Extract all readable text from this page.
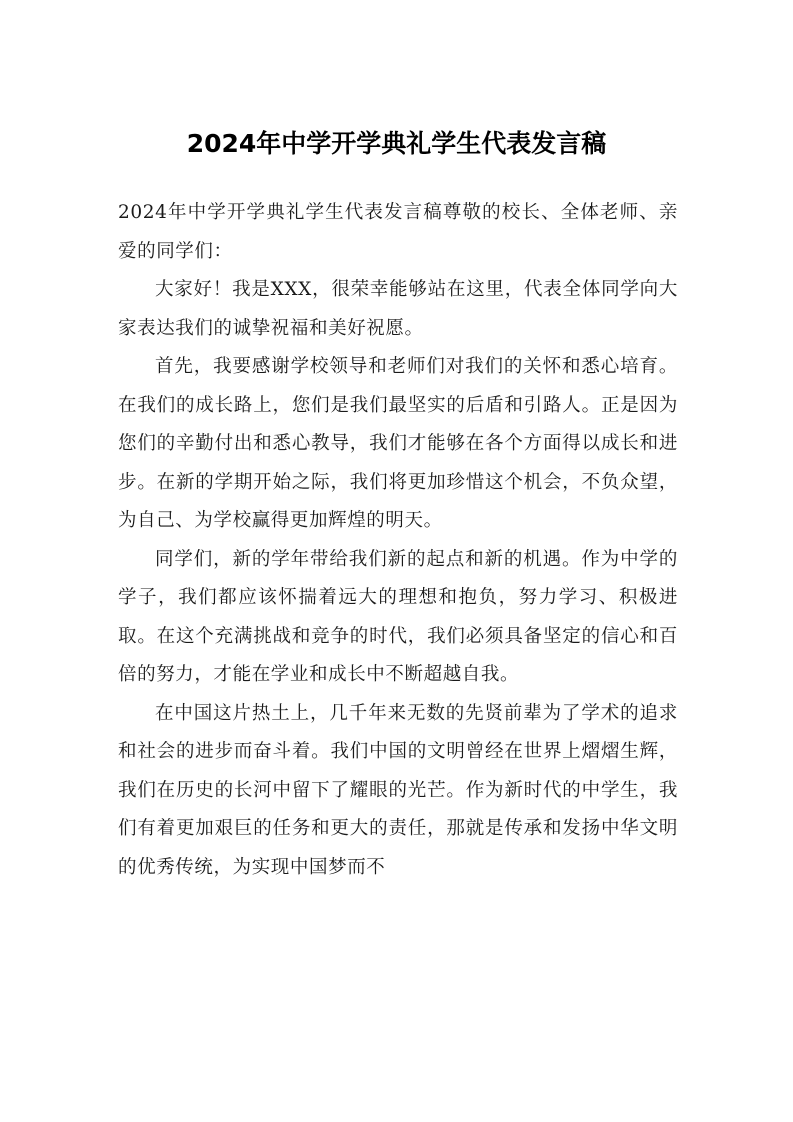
2024年中学开学典礼学生代表发言稿

2024年中学开学典礼学生代表发言稿尊敬的校长、全体老师、亲爱的同学们：

大家好！我是XXX，很荣幸能够站在这里，代表全体同学向大家表达我们的诚挚祝福和美好祝愿。

首先，我要感谢学校领导和老师们对我们的关怀和悉心培育。在我们的成长路上，您们是我们最坚实的后盾和引路人。正是因为您们的辛勤付出和悉心教导，我们才能够在各个方面得以成长和进步。在新的学期开始之际，我们将更加珍惜这个机会，不负众望，为自己、为学校赢得更加辉煌的明天。

同学们，新的学年带给我们新的起点和新的机遇。作为中学的学子，我们都应该怀揣着远大的理想和抱负，努力学习、积极进取。在这个充满挑战和竞争的时代，我们必须具备坚定的信心和百倍的努力，才能在学业和成长中不断超越自我。

在中国这片热土上，几千年来无数的先贤前辈为了学术的追求和社会的进步而奋斗着。我们中国的文明曾经在世界上熠熠生辉，我们在历史的长河中留下了耀眼的光芒。作为新时代的中学生，我们有着更加艰巨的任务和更大的责任，那就是传承和发扬中华文明的优秀传统，为实现中国梦而不
